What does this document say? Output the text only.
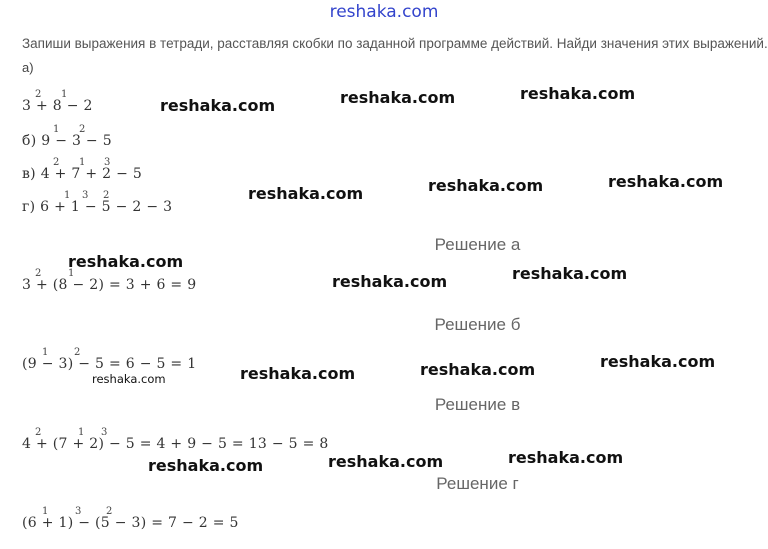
reshaka.com
Запиши выражения в тетради, расставляя скобки по заданной программе действий. Найди значения этих выражений.
а)
3 + 8 − 2
2 1
б) 9 − 3 − 5
1 2
в) 4 + 7 + 2 − 5
2 1 3
г) 6 + 1 − 5 − 2 − 3
1 3 2
Решение а
3 + (8 − 2) = 3 + 6 = 9
2	1
Решение б
(9 − 3) − 5 = 6 − 5 = 1
1	2
Решение в
4 + (7 + 2) − 5 = 4 + 9 − 5 = 13 − 5 = 8
2	1 3
Решение г
(6 + 1) − (5 − 3) = 7 − 2 = 5
1	3 2
reshaka.com	reshaka.com	reshaka.com
reshaka.com	reshaka.com	reshaka.com
reshaka.com
reshaka.com	reshaka.com
reshaka.com	reshaka.com	reshaka.com	reshaka.com
reshaka.com	reshaka.com	reshaka.com
